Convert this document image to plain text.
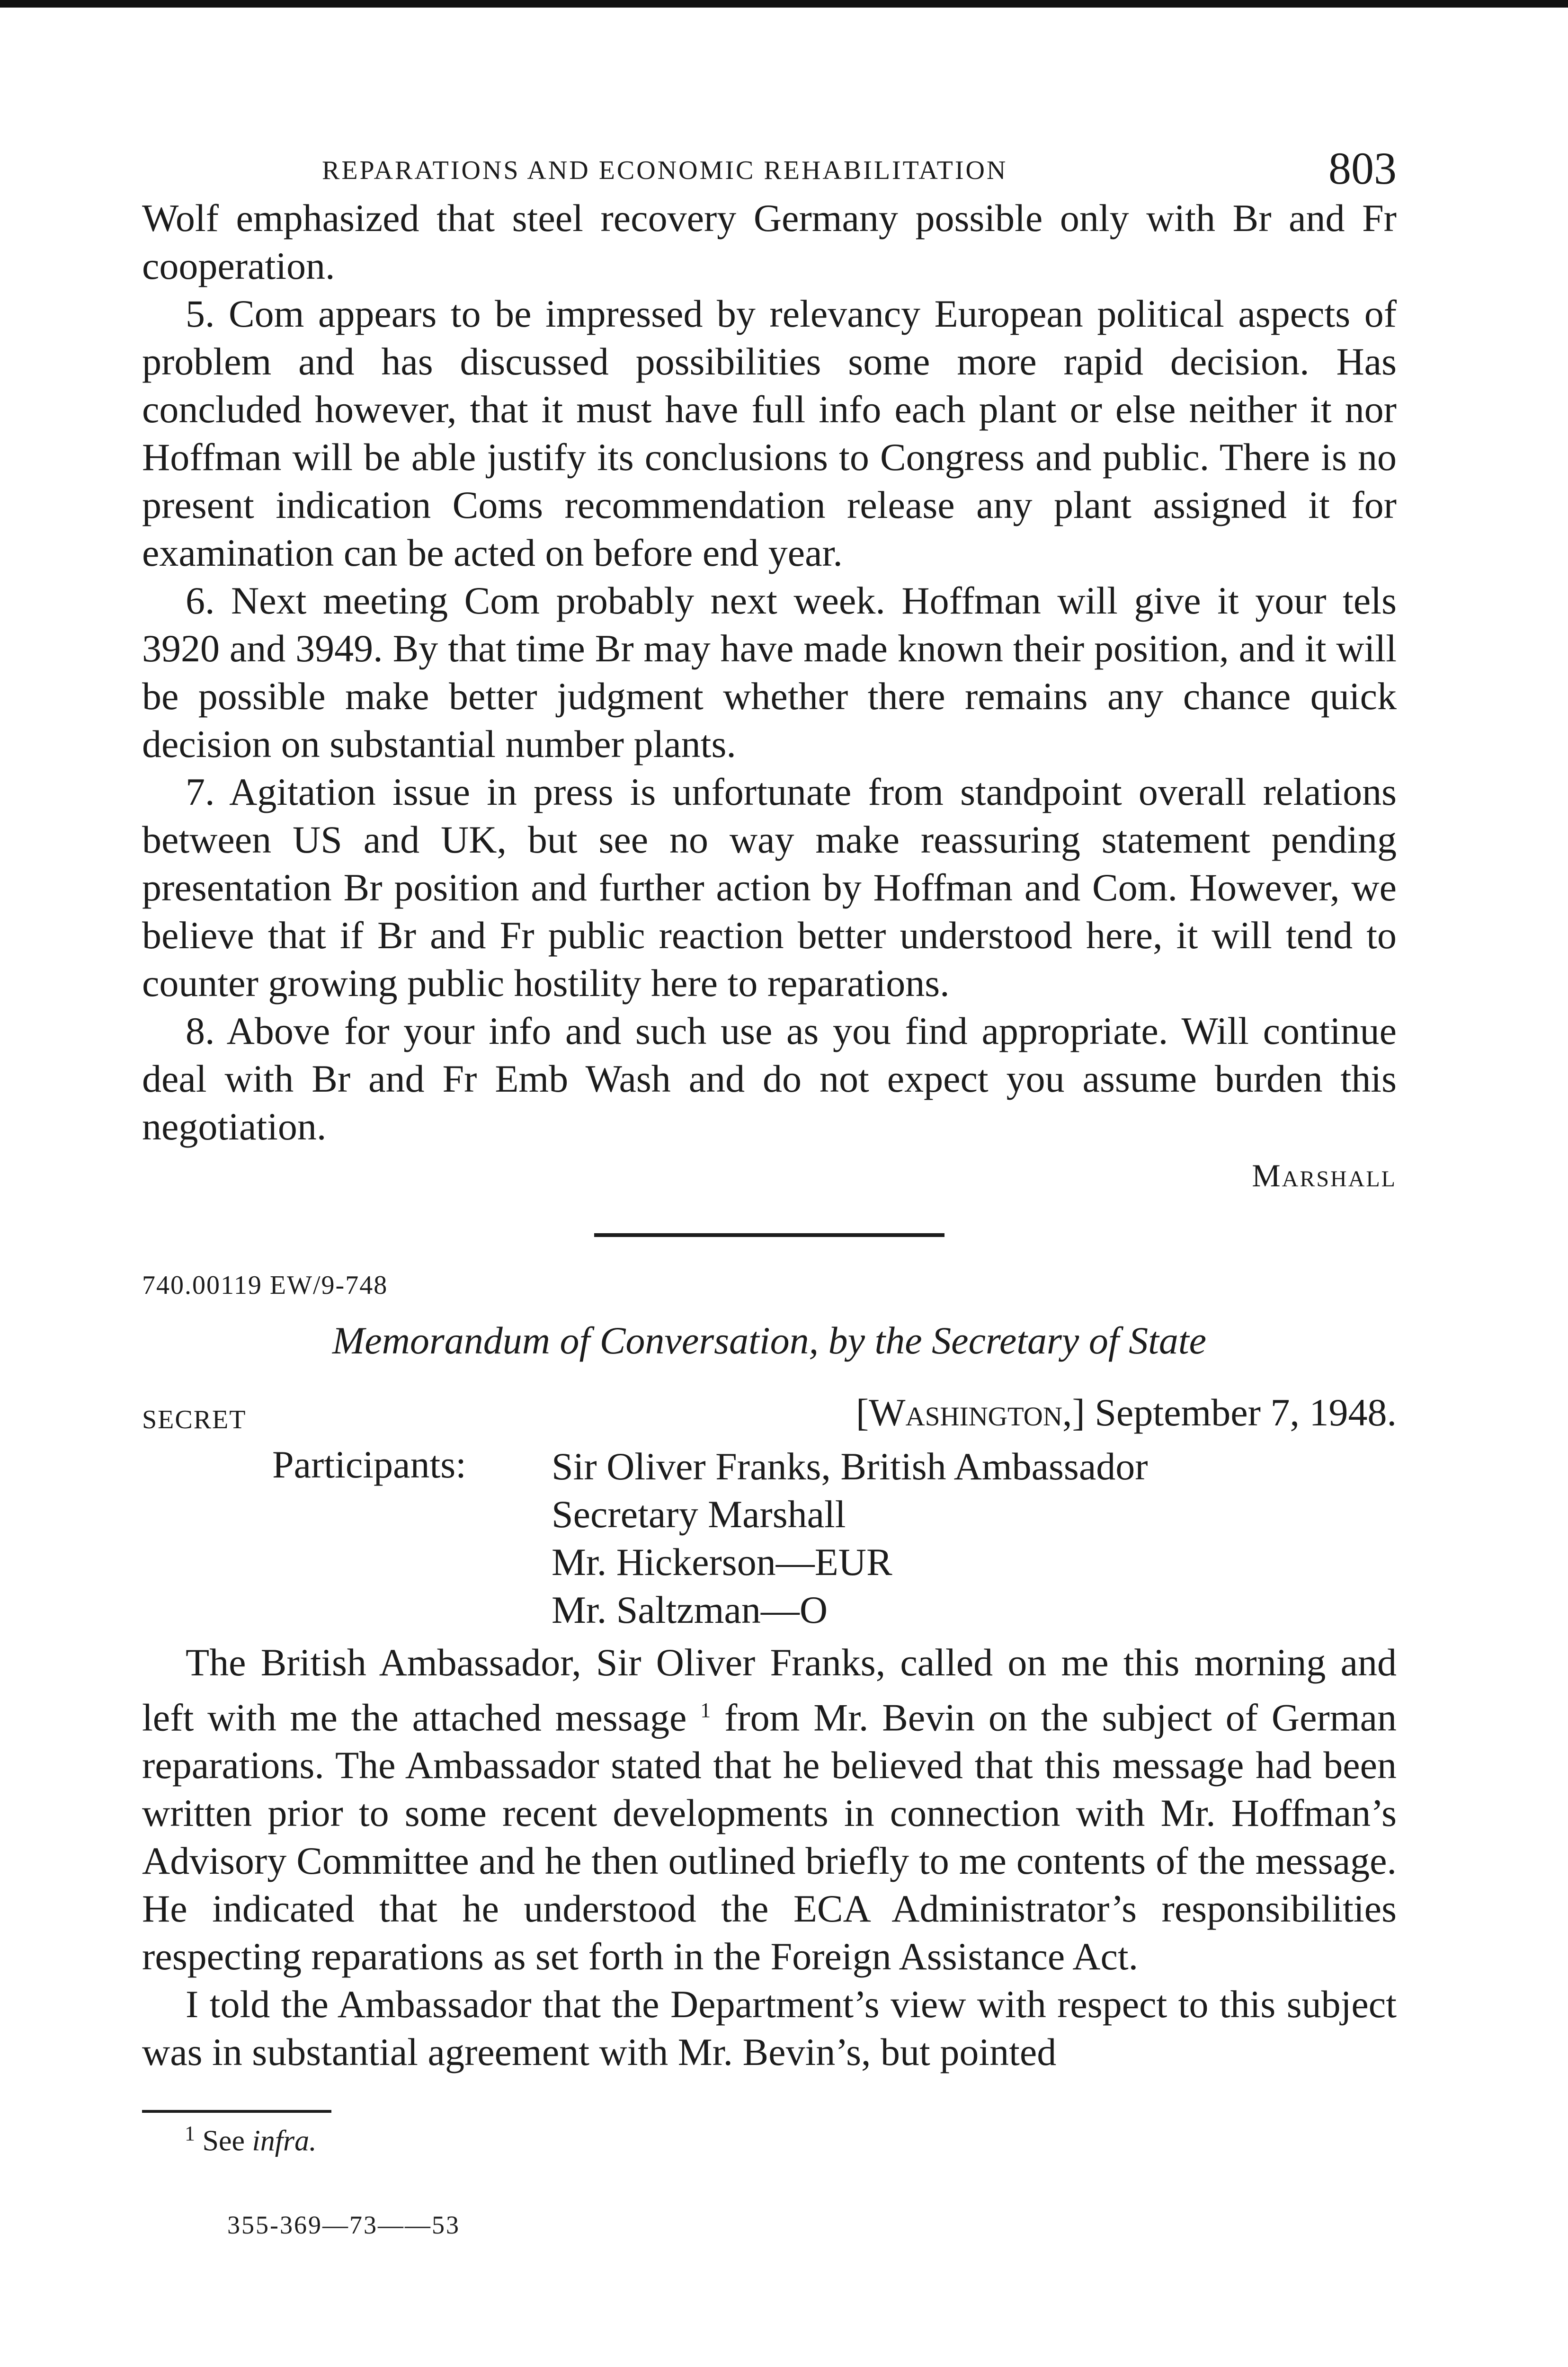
REPARATIONS AND ECONOMIC REHABILITATION	803

Wolf emphasized that steel recovery Germany possible only with Br and Fr cooperation.

5. Com appears to be impressed by relevancy European political aspects of problem and has discussed possibilities some more rapid decision. Has concluded however, that it must have full info each plant or else neither it nor Hoffman will be able justify its conclusions to Congress and public. There is no present indication Coms recommendation release any plant assigned it for examination can be acted on before end year.

6. Next meeting Com probably next week. Hoffman will give it your tels 3920 and 3949. By that time Br may have made known their position, and it will be possible make better judgment whether there remains any chance quick decision on substantial number plants.

7. Agitation issue in press is unfortunate from standpoint overall relations between US and UK, but see no way make reassuring statement pending presentation Br position and further action by Hoffman and Com. However, we believe that if Br and Fr public reaction better understood here, it will tend to counter growing public hostility here to reparations.

8. Above for your info and such use as you find appropriate. Will continue deal with Br and Fr Emb Wash and do not expect you assume burden this negotiation.

Marshall
740.00119 EW/9-748
Memorandum of Conversation, by the Secretary of State
SECRET	[Washington,] September 7, 1948.
Participants: Sir Oliver Franks, British Ambassador
Secretary Marshall
Mr. Hickerson—EUR
Mr. Saltzman—O

The British Ambassador, Sir Oliver Franks, called on me this morning and left with me the attached message $^1$ from Mr. Bevin on the subject of German reparations. The Ambassador stated that he believed that this message had been written prior to some recent developments in connection with Mr. Hoffman’s Advisory Committee and he then outlined briefly to me contents of the message. He indicated that he understood the ECA Administrator’s responsibilities respecting reparations as set forth in the Foreign Assistance Act.

I told the Ambassador that the Department’s view with respect to this subject was in substantial agreement with Mr. Bevin’s, but pointed

$^1$ See infra.
355-369—73——53
